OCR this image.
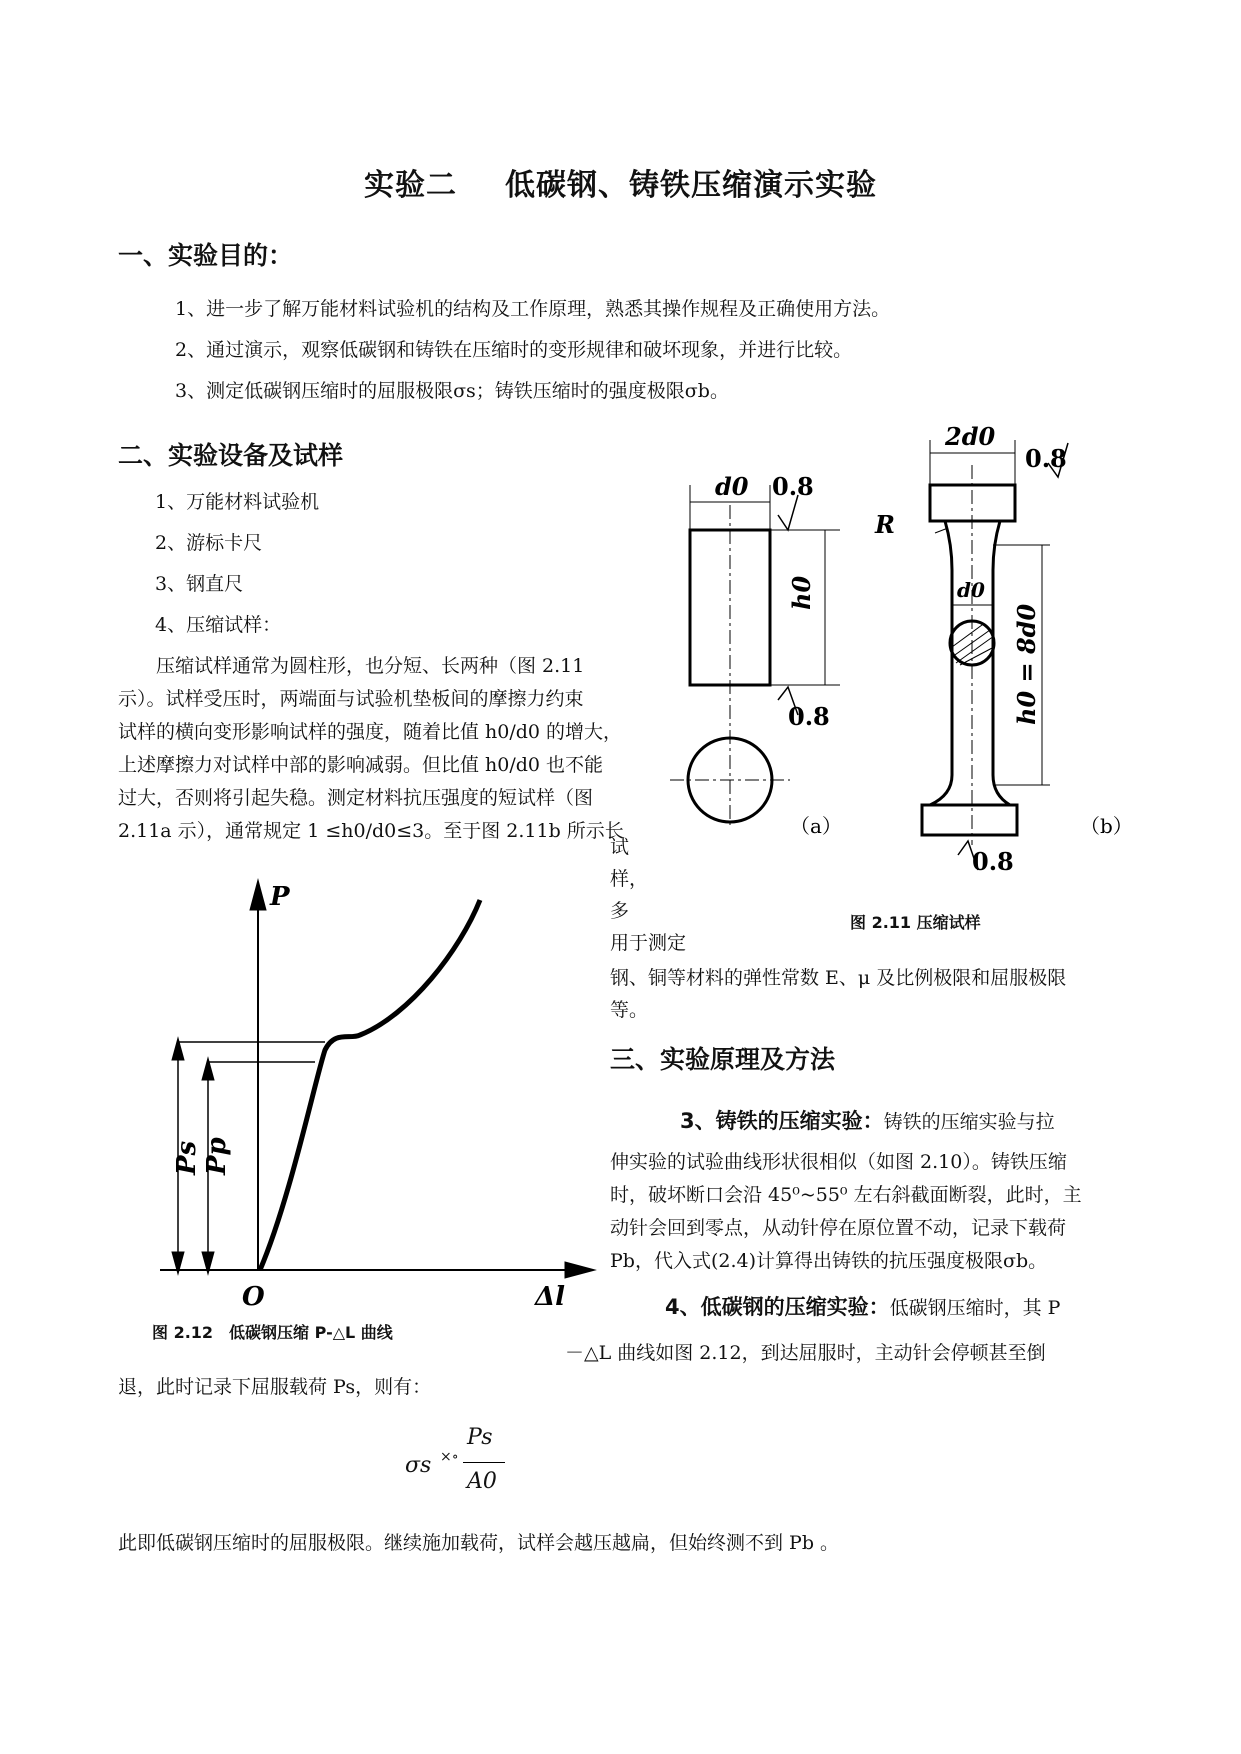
实验二 低碳钢、铸铁压缩演示实验
一、实验目的：
1、进一步了解万能材料试验机的结构及工作原理，熟悉其操作规程及正确使用方法。
2、通过演示，观察低碳钢和铸铁在压缩时的变形规律和破坏现象，并进行比较。
3、测定低碳钢压缩时的屈服极限σs；铸铁压缩时的强度极限σb。
二、实验设备及试样
1、万能材料试验机
2、游标卡尺
3、钢直尺
4、压缩试样：
压缩试样通常为圆柱形，也分短、长两种（图 2.11
示）。试样受压时，两端面与试验机垫板间的摩擦力约束
试样的横向变形影响试样的强度，随着比值 h0/d0 的增大，
上述摩擦力对试样中部的影响减弱。但比值 h0/d0 也不能
过大，否则将引起失稳。测定材料抗压强度的短试样（图
2.11a 示），通常规定 1 ≤h0/d0≤3。至于图 2.11b 所示长
试
样，
多
用于测定
钢、铜等材料的弹性常数 E、μ 及比例极限和屈服极限
等。
d0
h0
2d0
R
d0
h0 = 8d0
0.8
0.8
0.8
0.8
（a）	（b）
图 2.11 压缩试样
P
Δl
O
Ps Pp
图 2.12　低碳钢压缩 P-△L 曲线
三、实验原理及方法
3、铸铁的压缩实验：铸铁的压缩实验与拉
伸实验的试验曲线形状很相似（如图 2.10）。铸铁压缩
时，破坏断口会沿 45⁰~55⁰ 左右斜截面断裂，此时，主
动针会回到零点，从动针停在原位置不动，记录下载荷
Pb，代入式(2.4)计算得出铸铁的抗压强度极限σb。
4、低碳钢的压缩实验：低碳钢压缩时，其 P
－△L 曲线如图 2.12，到达屈服时，主动针会停顿甚至倒
退，此时记录下屈服载荷 Ps，则有：
σs ×∘
Ps
A0
此即低碳钢压缩时的屈服极限。继续施加载荷，试样会越压越扁，但始终测不到 Pb 。
